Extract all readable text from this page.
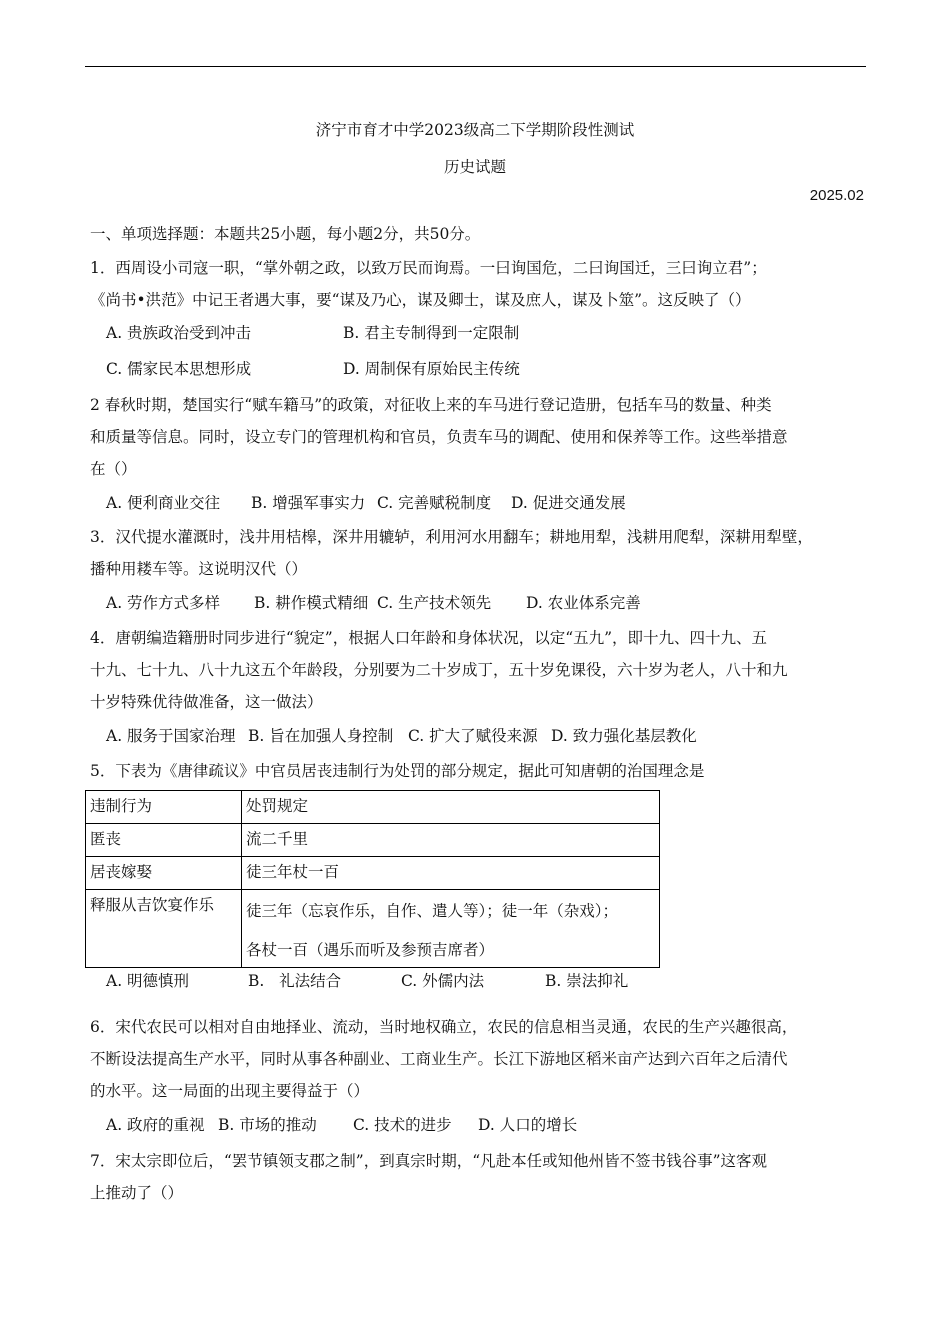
济宁市育才中学2023级高二下学期阶段性测试
历史试题
2025.02
一、单项选择题：本题共25小题，每小题2分，共50分。
1．西周设小司寇一职，“掌外朝之政，以致万民而询焉。一曰询国危，二曰询国迁，三曰询立君”；
《尚书•洪范》中记王者遇大事，要“谋及乃心，谋及卿士，谋及庶人，谋及卜筮”。这反映了（）
A. 贵族政治受到冲击	B. 君主专制得到一定限制
C. 儒家民本思想形成	D. 周制保有原始民主传统
2 春秋时期，楚国实行“赋车籍马”的政策，对征收上来的车马进行登记造册，包括车马的数量、种类
和质量等信息。同时，设立专门的管理机构和官员，负责车马的调配、使用和保养等工作。这些举措意
在（）
A. 便利商业交往 B. 增强军事实力 C. 完善赋税制度 D. 促进交通发展
3．汉代提水灌溉时，浅井用桔槔，深井用辘轳，利用河水用翻车；耕地用犁，浅耕用爬犁，深耕用犁壁，
播种用耧车等。这说明汉代（）
A. 劳作方式多样 B. 耕作模式精细 C. 生产技术领先 D. 农业体系完善
4．唐朝编造籍册时同步进行“貌定”，根据人口年龄和身体状况，以定“五九”，即十九、四十九、五
十九、七十九、八十九这五个年龄段，分别要为二十岁成丁，五十岁免课役，六十岁为老人，八十和九
十岁特殊优待做准备，这一做法）
A. 服务于国家治理 B. 旨在加强人身控制 C. 扩大了赋役来源 D. 致力强化基层教化
5．下表为《唐律疏议》中官员居丧违制行为处罚的部分规定，据此可知唐朝的治国理念是
违制行为	处罚规定
匿丧	流二千里
居丧嫁娶	徒三年杖一百
释服从吉饮宴作乐	徒三年（忘哀作乐，自作、遣人等）；徒一年（杂戏）；
各杖一百（遇乐而听及参预吉席者）
A. 明德慎刑	B.   礼法结合	C. 外儒内法	B. 崇法抑礼
6．宋代农民可以相对自由地择业、流动，当时地权确立，农民的信息相当灵通，农民的生产兴趣很高，
不断设法提高生产水平，同时从事各种副业、工商业生产。长江下游地区稻米亩产达到六百年之后清代
的水平。这一局面的出现主要得益于（）
A. 政府的重视 B. 市场的推动 C. 技术的进步 D. 人口的增长
7．宋太宗即位后，“罢节镇领支郡之制”，到真宗时期，“凡赴本任或知他州皆不签书钱谷事”这客观
上推动了（）
